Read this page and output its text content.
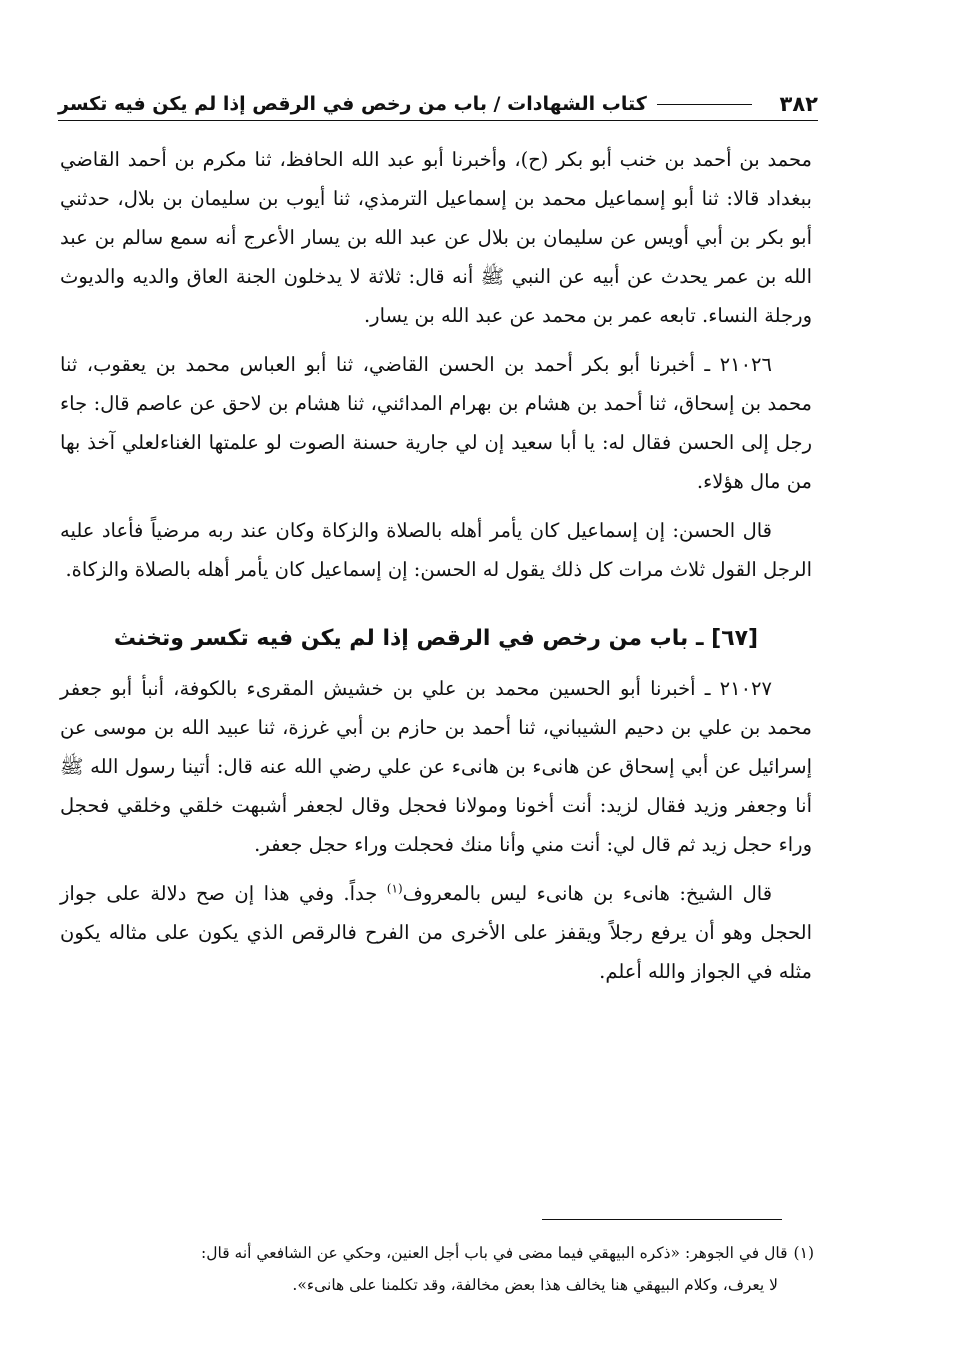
٣٨٢
كتاب الشهادات / باب من رخص في الرقص إذا لم يكن فيه تكسر

محمد بن أحمد بن خنب أبو بكر (ح)، وأخبرنا أبو عبد الله الحافظ، ثنا مكرم بن أحمد القاضي ببغداد قالا: ثنا أبو إسماعيل محمد بن إسماعيل الترمذي، ثنا أيوب بن سليمان بن بلال، حدثني أبو بكر بن أبي أويس عن سليمان بن بلال عن عبد الله بن يسار الأعرج أنه سمع سالم بن عبد الله بن عمر يحدث عن أبيه عن النبي ﷺ أنه قال: ثلاثة لا يدخلون الجنة العاق والديه والديوث ورجلة النساء. تابعه عمر بن محمد عن عبد الله بن يسار.

٢١٠٢٦ ـ أخبرنا أبو بكر أحمد بن الحسن القاضي، ثنا أبو العباس محمد بن يعقوب، ثنا محمد بن إسحاق، ثنا أحمد بن هشام بن بهرام المدائني، ثنا هشام بن لاحق عن عاصم قال: جاء رجل إلى الحسن فقال له: يا أبا سعيد إن لي جارية حسنة الصوت لو علمتها الغناءلعلي آخذ بها من مال هؤلاء.

قال الحسن: إن إسماعيل كان يأمر أهله بالصلاة والزكاة وكان عند ربه مرضياً فأعاد عليه الرجل القول ثلاث مرات كل ذلك يقول له الحسن: إن إسماعيل كان يأمر أهله بالصلاة والزكاة.

[٦٧] ـ باب من رخص في الرقص إذا لم يكن فيه تكسر وتخنث

٢١٠٢٧ ـ أخبرنا أبو الحسين محمد بن علي بن خشيش المقرىء بالكوفة، أنبأ أبو جعفر محمد بن علي بن دحيم الشيباني، ثنا أحمد بن حازم بن أبي غرزة، ثنا عبيد الله بن موسى عن إسرائيل عن أبي إسحاق عن هانىء بن هانىء عن علي رضي الله عنه قال: أتينا رسول الله ﷺ أنا وجعفر وزيد فقال لزيد: أنت أخونا ومولانا فحجل وقال لجعفر أشبهت خلقي وخلقي فحجل وراء حجل زيد ثم قال لي: أنت مني وأنا منك فحجلت وراء حجل جعفر.

قال الشيخ: هانىء بن هانىء ليس بالمعروف$^{(١)}$ جداً. وفي هذا إن صح دلالة على جواز الحجل وهو أن يرفع رجلاً ويقفز على الأخرى من الفرح فالرقص الذي يكون على مثاله يكون مثله في الجواز والله أعلم.

(١)قال في الجوهر: «ذكره البيهقي فيما مضى في باب أجل العنين، وحكي عن الشافعي أنه قال:
لا يعرف، وكلام البيهقي هنا يخالف هذا بعض مخالفة، وقد تكلمنا على هانىء».
